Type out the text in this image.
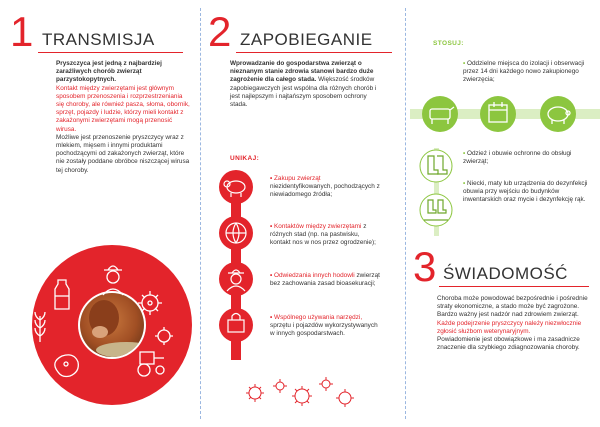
1 TRANSMISJA
Pryszczyca jest jedną z najbardziej zaraźliwych chorób zwierząt parzystokopytnych.
Kontakt między zwierzętami jest głównym sposobem przenoszenia i rozprzestrzeniania się choroby, ale również pasza, słoma, obornik, sprzęt, pojazdy i ludzie, którzy mieli kontakt z zakażonymi zwierzętami mogą przenosić wirusa.
Możliwe jest przenoszenie pryszczycy wraz z mlekiem, mięsem i innymi produktami pochodzącymi od zakażonych zwierząt, które nie zostały poddane obróbce niszczącej wirusa tej choroby.
2 ZAPOBIEGANIE
Wprowadzanie do gospodarstwa zwierząt o nieznanym stanie zdrowia stanowi bardzo duże zagrożenie dla całego stada. Większość środków zapobiegawczych jest wspólna dla różnych chorób i jest najlepszym i najtańszym sposobem ochrony stada.
UNIKAJ:
• Zakupu zwierząt niezidentyfikowanych, pochodzących z niewiadomego źródła;
• Kontaktów między zwierzętami z różnych stad (np. na pastwisku, kontakt nos w nos przez ogrodzenie);
• Odwiedzania innych hodowli zwierząt bez zachowania zasad bioasekuracji;
• Wspólnego używania narzędzi, sprzętu i pojazdów wykorzystywanych w innych gospodarstwach.
STOSUJ:
• Oddzielne miejsca do izolacji i obserwacji przez 14 dni każdego nowo zakupionego zwierzęcia;
• Odzież i obuwie ochronne do obsługi zwierząt;
• Niecki, maty lub urządzenia do dezynfekcji obuwia przy wejściu do budynków inwentarskich oraz mycie i dezynfekcję rąk.
3 ŚWIADOMOŚĆ
Choroba może powodować bezpośrednie i pośrednie straty ekonomiczne, a stado może być zagrożone. Bardzo ważny jest nadzór nad zdrowiem zwierząt.
Każde podejrzenie pryszczycy należy niezwłocznie zgłosić służbom weterynaryjnym.
Powiadomienie jest obowiązkowe i ma zasadnicze znaczenie dla szybkiego zdiagnozowania choroby.
